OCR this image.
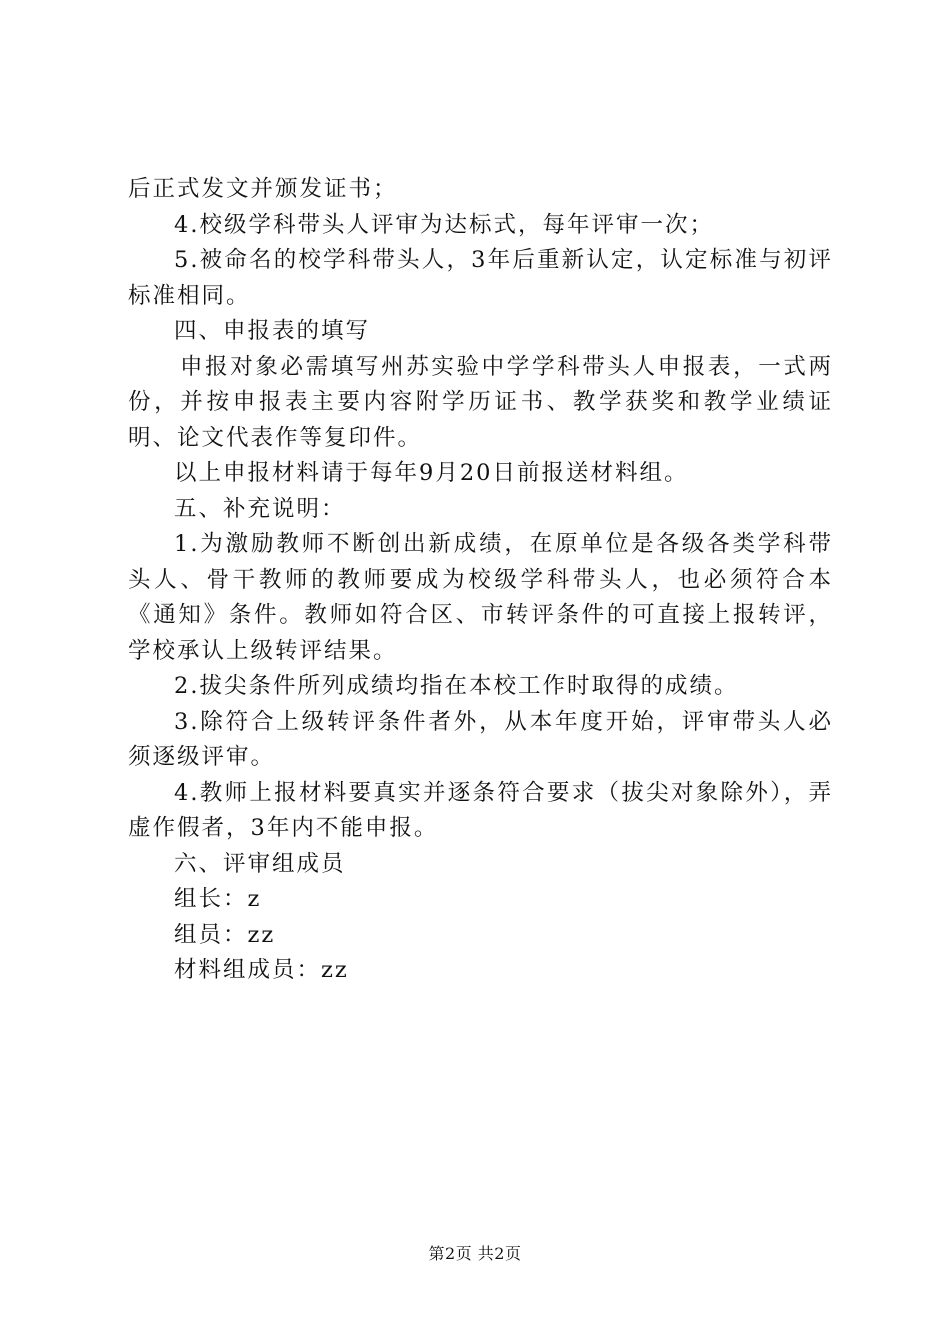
后正式发文并颁发证书；

4.校级学科带头人评审为达标式，每年评审一次；

5.被命名的校学科带头人，3年后重新认定，认定标准与初评标准相同。

四、申报表的填写

申报对象必需填写州苏实验中学学科带头人申报表，一式两份，并按申报表主要内容附学历证书、教学获奖和教学业绩证明、论文代表作等复印件。

以上申报材料请于每年9月20日前报送材料组。

五、补充说明：

1.为激励教师不断创出新成绩，在原单位是各级各类学科带头人、骨干教师的教师要成为校级学科带头人，也必须符合本《通知》条件。教师如符合区、市转评条件的可直接上报转评，学校承认上级转评结果。

2.拔尖条件所列成绩均指在本校工作时取得的成绩。

3.除符合上级转评条件者外，从本年度开始，评审带头人必须逐级评审。

4.教师上报材料要真实并逐条符合要求（拔尖对象除外），弄虚作假者，3年内不能申报。

六、评审组成员

组长：z

组员：zz

材料组成员：zz

第2页 共2页
